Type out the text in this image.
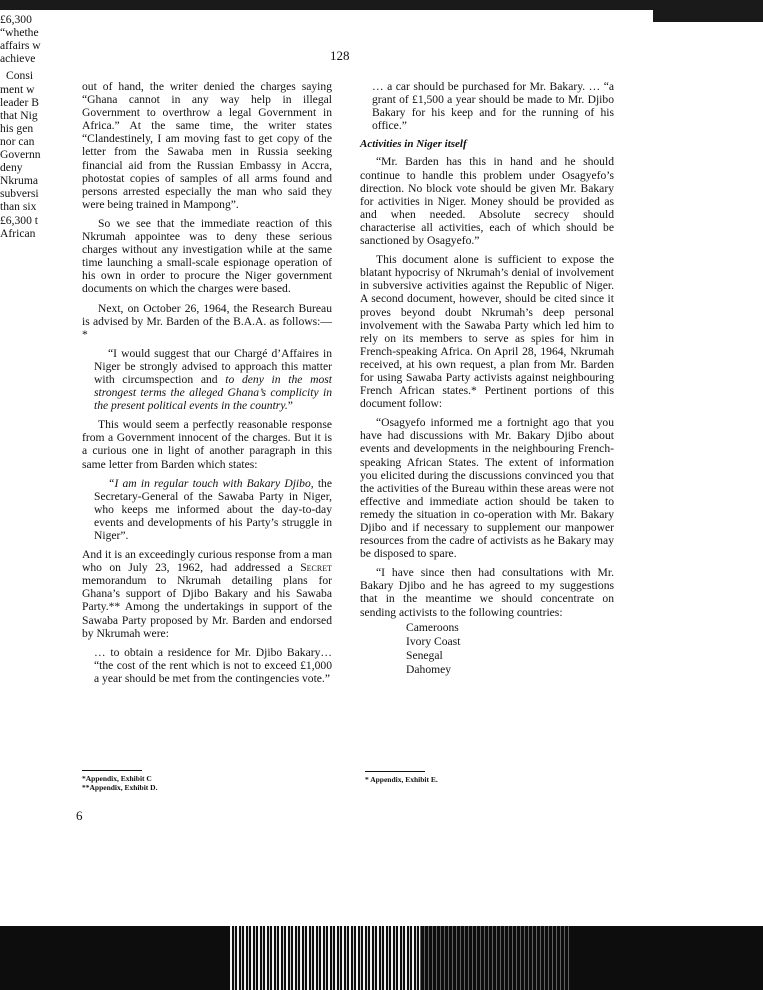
128

out of hand, the writer denied the charges saying “Ghana cannot in any way help in illegal Government to overthrow a legal Government in Africa.” At the same time, the writer states “Clandestinely, I am moving fast to get copy of the letter from the Sawaba men in Russia seeking financial aid from the Russian Embassy in Accra, photostat copies of samples of all arms found and persons arrested especially the man who said they were being trained in Mampong”.

So we see that the immediate reaction of this Nkrumah appointee was to deny these serious charges without any investigation while at the same time launching a small-scale espionage operation of his own in order to procure the Niger government documents on which the charges were based.

Next, on October 26, 1964, the Research Bureau is advised by Mr. Barden of the B.A.A. as follows:—*

“I would suggest that our Chargé d’Affaires in Niger be strongly advised to approach this matter with circumspection and to deny in the most strongest terms the alleged Ghana’s complicity in the present political events in the country.”

This would seem a perfectly reasonable response from a Government innocent of the charges. But it is a curious one in light of another paragraph in this same letter from Barden which states:

“I am in regular touch with Bakary Djibo, the Secretary-General of the Sawaba Party in Niger, who keeps me informed about the day-to-day events and developments of his Party’s struggle in Niger”.

And it is an exceedingly curious response from a man who on July 23, 1962, had addressed a Secret memorandum to Nkrumah detailing plans for Ghana’s support of Djibo Bakary and his Sawaba Party.** Among the undertakings in support of the Sawaba Party proposed by Mr. Barden and endorsed by Nkrumah were:

… to obtain a residence for Mr. Djibo Bakary… “the cost of the rent which is not to exceed £1,000 a year should be met from the contingencies vote.”

*Appendix, Exhibit C
**Appendix, Exhibit D.

… a car should be purchased for Mr. Bakary. … “a grant of £1,500 a year should be made to Mr. Djibo Bakary for his keep and for the running of his office.”

Activities in Niger itself

“Mr. Barden has this in hand and he should continue to handle this problem under Osagyefo’s direction. No block vote should be given Mr. Bakary for activities in Niger. Money should be provided as and when needed. Absolute secrecy should characterise all activities, each of which should be sanctioned by Osagyefo.”

This document alone is sufficient to expose the blatant hypocrisy of Nkrumah’s denial of involvement in subversive activities against the Republic of Niger. A second document, however, should be cited since it proves beyond doubt Nkrumah’s deep personal involvement with the Sawaba Party which led him to rely on its members to serve as spies for him in French-speaking Africa. On April 28, 1964, Nkrumah received, at his own request, a plan from Mr. Barden for using Sawaba Party activists against neighbouring French African states.* Pertinent portions of this document follow:

“Osagyefo informed me a fortnight ago that you have had discussions with Mr. Bakary Djibo about events and developments in the neighbouring French-speaking African States. The extent of information you elicited during the discussions convinced you that the activities of the Bureau within these areas were not effective and immediate action should be taken to remedy the situation in co-operation with Mr. Bakary Djibo and if necessary to supplement our manpower resources from the cadre of activists as he Bakary may be disposed to spare.

“I have since then had consultations with Mr. Bakary Djibo and he has agreed to my suggestions that in the meantime we should concentrate on sending activists to the following countries:

Cameroons
Ivory Coast
Senegal
Dahomey
* Appendix, Exhibit E.
£6,300
“whethe
affairs w
achieve
Consi
ment w
leader B
that Nig
his gen
nor can
Governn
deny
Nkruma
subversi
than six
£6,300 t
African
6
